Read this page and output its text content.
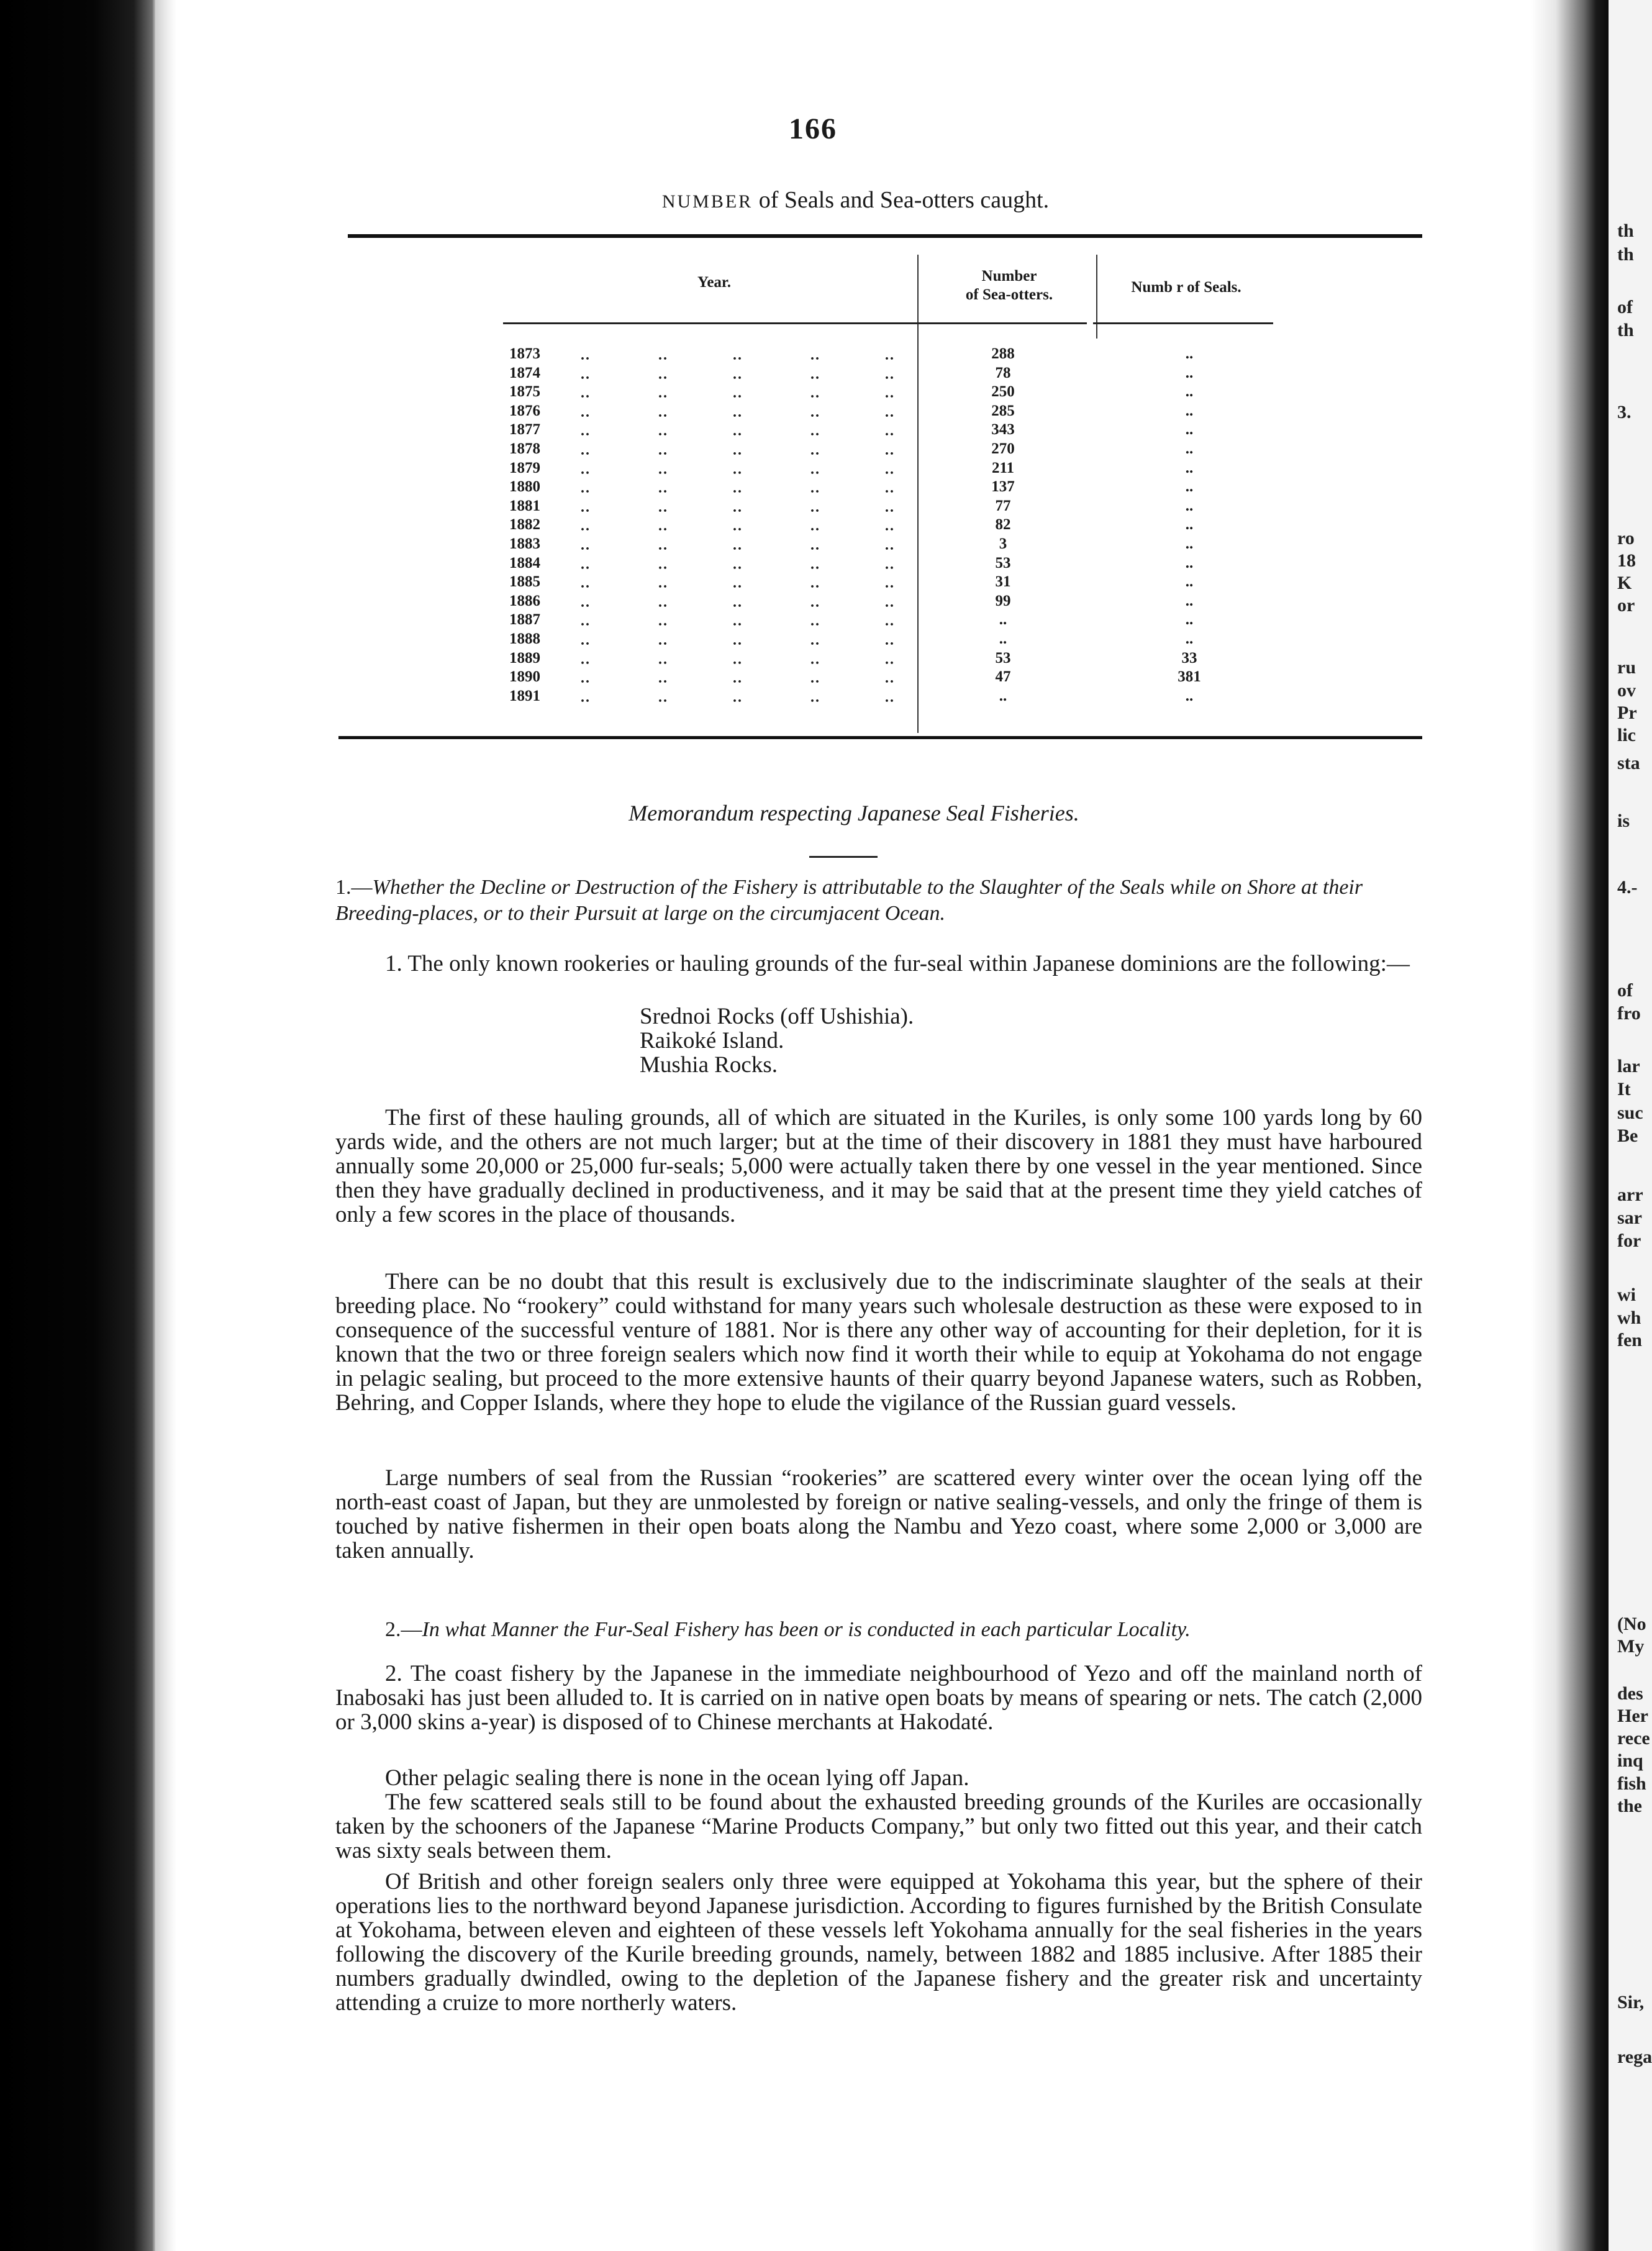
th
th
of
th
3.
ro
18
K
or
ru
ov
Pr
lic
sta
is
4.-
of
fro
lar
It
suc
Be
arr
sar
for
wi
wh
fen
(No
My
des
Her
rece
inq
fish
the
Sir,
rega
166
NUMBER of Seals and Sea-otters caught.
Year.	Number
of Sea-otters.	Numb r of Seals.
1873	..	..	..	..	..	288	..
1874	..	..	..	..	..	78	..
1875	..	..	..	..	..	250	..
1876	..	..	..	..	..	285	..
1877	..	..	..	..	..	343	..
1878	..	..	..	..	..	270	..
1879	..	..	..	..	..	211	..
1880	..	..	..	..	..	137	..
1881	..	..	..	..	..	77	..
1882	..	..	..	..	..	82	..
1883	..	..	..	..	..	3	..
1884	..	..	..	..	..	53	..
1885	..	..	..	..	..	31	..
1886	..	..	..	..	..	99	..
1887	..	..	..	..	..	..	..
1888	..	..	..	..	..	..	..
1889	..	..	..	..	..	53	33
1890	..	..	..	..	..	47	381
1891	..	..	..	..	..	..	..
Memorandum respecting Japanese Seal Fisheries.
1.—Whether the Decline or Destruction of the Fishery is attributable to the Slaughter of the Seals while on Shore at their Breeding-places, or to their Pursuit at large on the circumjacent Ocean.
1. The only known rookeries or hauling grounds of the fur-seal within Japanese dominions are the following:—
Srednoi Rocks (off Ushishia).
Raikoké Island.
Mushia Rocks.
The first of these hauling grounds, all of which are situated in the Kuriles, is only some 100 yards long by 60 yards wide, and the others are not much larger; but at the time of their discovery in 1881 they must have harboured annually some 20,000 or 25,000 fur-seals; 5,000 were actually taken there by one vessel in the year mentioned. Since then they have gradually declined in productiveness, and it may be said that at the present time they yield catches of only a few scores in the place of thousands.
There can be no doubt that this result is exclusively due to the indiscriminate slaughter of the seals at their breeding place. No “rookery” could withstand for many years such wholesale destruction as these were exposed to in consequence of the successful venture of 1881. Nor is there any other way of accounting for their depletion, for it is known that the two or three foreign sealers which now find it worth their while to equip at Yokohama do not engage in pelagic sealing, but proceed to the more extensive haunts of their quarry beyond Japanese waters, such as Robben, Behring, and Copper Islands, where they hope to elude the vigilance of the Russian guard vessels.
Large numbers of seal from the Russian “rookeries” are scattered every winter over the ocean lying off the north-east coast of Japan, but they are unmolested by foreign or native sealing-vessels, and only the fringe of them is touched by native fishermen in their open boats along the Nambu and Yezo coast, where some 2,000 or 3,000 are taken annually.
2.—In what Manner the Fur-Seal Fishery has been or is conducted in each particular Locality.
2. The coast fishery by the Japanese in the immediate neighbourhood of Yezo and off the mainland north of Inabosaki has just been alluded to. It is carried on in native open boats by means of spearing or nets. The catch (2,000 or 3,000 skins a-year) is disposed of to Chinese merchants at Hakodaté.
Other pelagic sealing there is none in the ocean lying off Japan.
The few scattered seals still to be found about the exhausted breeding grounds of the Kuriles are occasionally taken by the schooners of the Japanese “Marine Products Company,” but only two fitted out this year, and their catch was sixty seals between them.
Of British and other foreign sealers only three were equipped at Yokohama this year, but the sphere of their operations lies to the northward beyond Japanese jurisdiction. According to figures furnished by the British Consulate at Yokohama, between eleven and eighteen of these vessels left Yokohama annually for the seal fisheries in the years following the discovery of the Kurile breeding grounds, namely, between 1882 and 1885 inclusive. After 1885 their numbers gradually dwindled, owing to the depletion of the Japanese fishery and the greater risk and uncertainty attending a cruize to more northerly waters.
